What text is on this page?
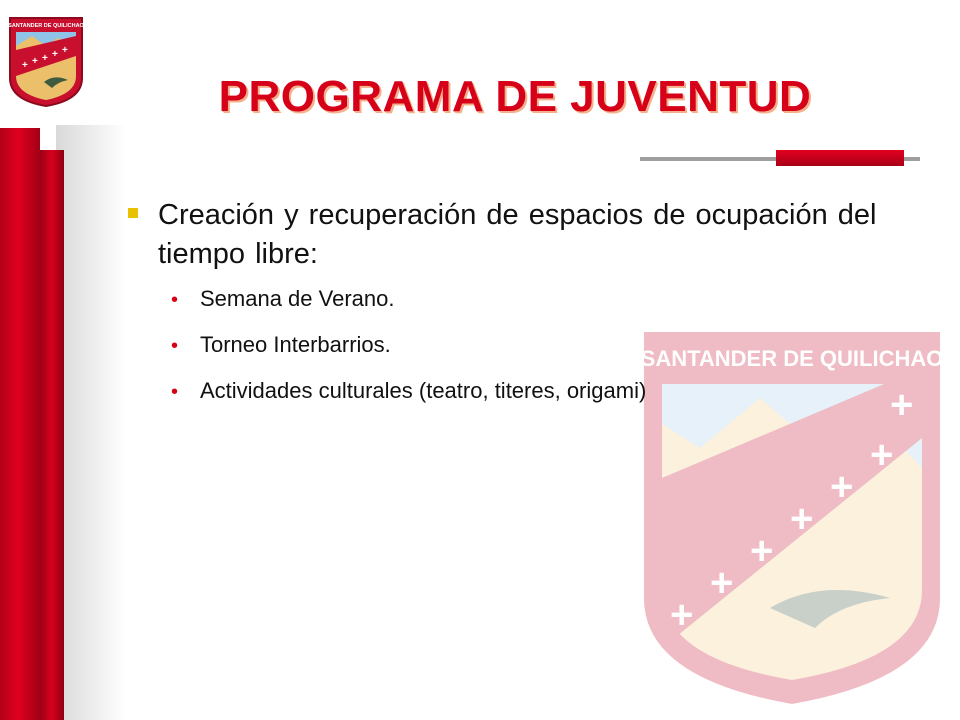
+ + + + +
SANTANDER DE QUILICHAO
+
+
+
+
+
+
+
SANTANDER DE QUILICHAO
PROGRAMA DE JUVENTUD
Creación y recuperación de espacios de ocupación del tiempo libre:
• Semana de Verano.
• Torneo Interbarrios.
• Actividades culturales (teatro, titeres, origami)
